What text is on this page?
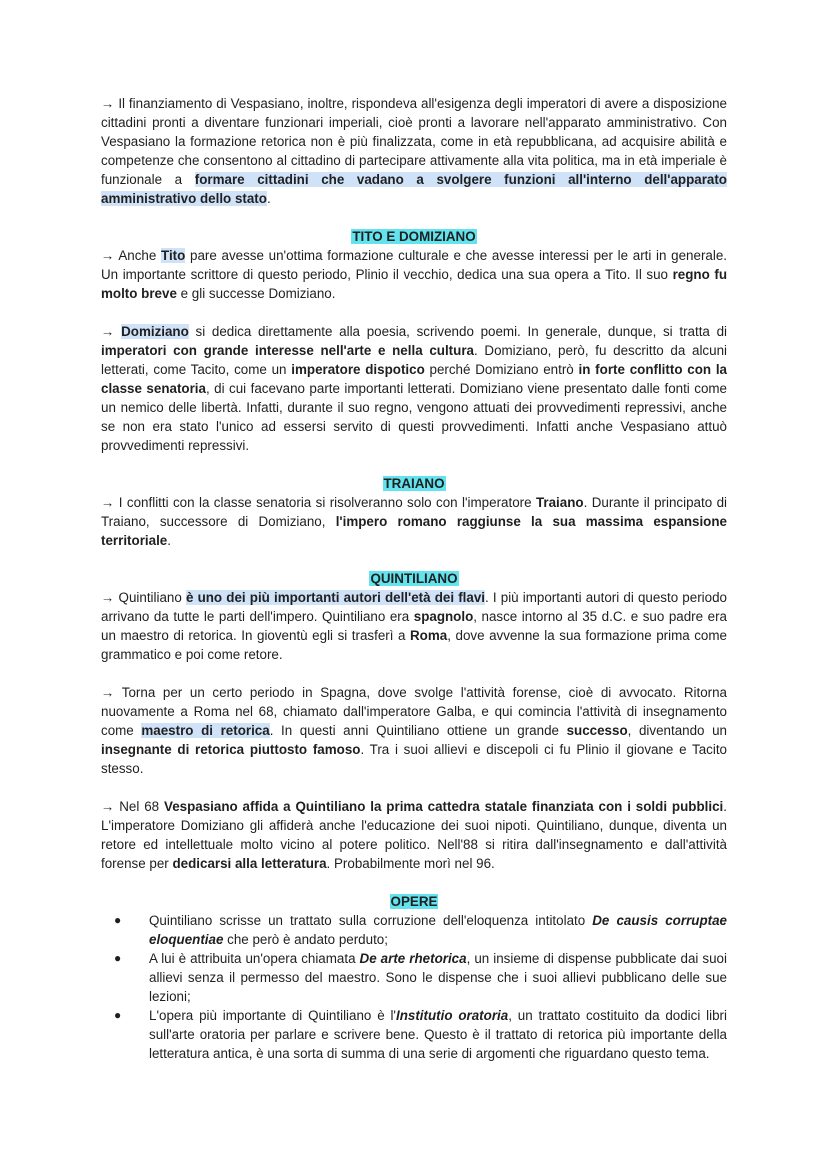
→ Il finanziamento di Vespasiano, inoltre, rispondeva all'esigenza degli imperatori di avere a disposizione cittadini pronti a diventare funzionari imperiali, cioè pronti a lavorare nell'apparato amministrativo. Con Vespasiano la formazione retorica non è più finalizzata, come in età repubblicana, ad acquisire abilità e competenze che consentono al cittadino di partecipare attivamente alla vita politica, ma in età imperiale è funzionale a formare cittadini che vadano a svolgere funzioni all'interno dell'apparato amministrativo dello stato.

TITO E DOMIZIANO

→ Anche Tito pare avesse un'ottima formazione culturale e che avesse interessi per le arti in generale. Un importante scrittore di questo periodo, Plinio il vecchio, dedica una sua opera a Tito. Il suo regno fu molto breve e gli successe Domiziano.

→ Domiziano si dedica direttamente alla poesia, scrivendo poemi. In generale, dunque, si tratta di imperatori con grande interesse nell'arte e nella cultura. Domiziano, però, fu descritto da alcuni letterati, come Tacito, come un imperatore dispotico perché Domiziano entrò in forte conflitto con la classe senatoria, di cui facevano parte importanti letterati. Domiziano viene presentato dalle fonti come un nemico delle libertà. Infatti, durante il suo regno, vengono attuati dei provvedimenti repressivi, anche se non era stato l'unico ad essersi servito di questi provvedimenti. Infatti anche Vespasiano attuò provvedimenti repressivi.

TRAIANO

→ I conflitti con la classe senatoria si risolveranno solo con l'imperatore Traiano. Durante il principato di Traiano, successore di Domiziano, l'impero romano raggiunse la sua massima espansione territoriale.

QUINTILIANO

→ Quintiliano è uno dei più importanti autori dell'età dei flavi. I più importanti autori di questo periodo arrivano da tutte le parti dell'impero. Quintiliano era spagnolo, nasce intorno al 35 d.C. e suo padre era un maestro di retorica. In gioventù egli si trasferì a Roma, dove avvenne la sua formazione prima come grammatico e poi come retore.

→ Torna per un certo periodo in Spagna, dove svolge l'attività forense, cioè di avvocato. Ritorna nuovamente a Roma nel 68, chiamato dall'imperatore Galba, e qui comincia l'attività di insegnamento come maestro di retorica. In questi anni Quintiliano ottiene un grande successo, diventando un insegnante di retorica piuttosto famoso. Tra i suoi allievi e discepoli ci fu Plinio il giovane e Tacito stesso.

→ Nel 68 Vespasiano affida a Quintiliano la prima cattedra statale finanziata con i soldi pubblici. L'imperatore Domiziano gli affiderà anche l'educazione dei suoi nipoti. Quintiliano, dunque, diventa un retore ed intellettuale molto vicino al potere politico. Nell'88 si ritira dall'insegnamento e dall'attività forense per dedicarsi alla letteratura. Probabilmente morì nel 96.

OPERE
● Quintiliano scrisse un trattato sulla corruzione dell'eloquenza intitolato De causis corruptae eloquentiae che però è andato perduto;
● A lui è attribuita un'opera chiamata De arte rhetorica, un insieme di dispense pubblicate dai suoi allievi senza il permesso del maestro. Sono le dispense che i suoi allievi pubblicano delle sue lezioni;
● L'opera più importante di Quintiliano è l'Institutio oratoria, un trattato costituito da dodici libri sull'arte oratoria per parlare e scrivere bene. Questo è il trattato di retorica più importante della letteratura antica, è una sorta di summa di una serie di argomenti che riguardano questo tema.
